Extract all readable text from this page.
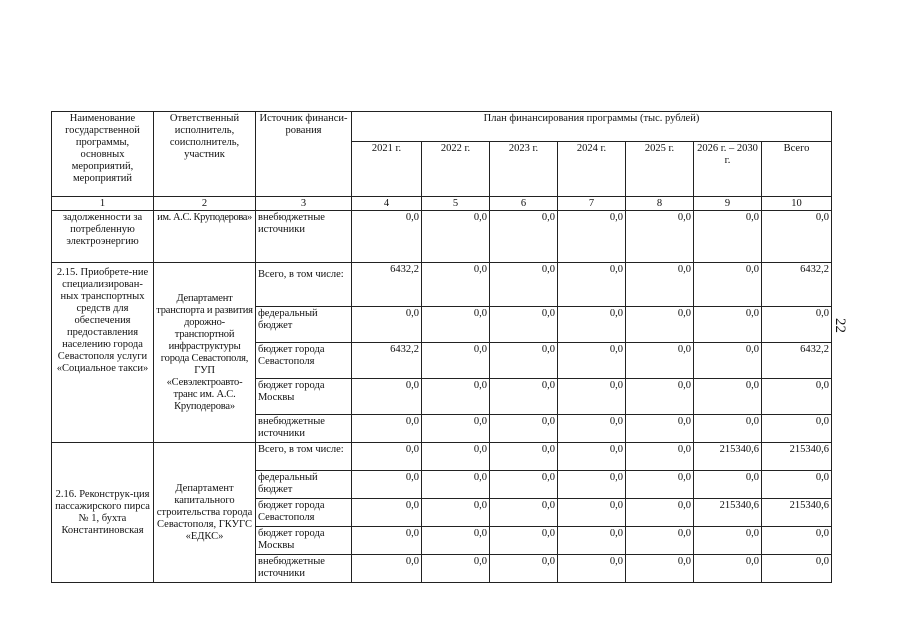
22
Наименование государственной программы, основных мероприятий, мероприятий	Ответственный исполнитель, соисполнитель, участник	Источник финанси-рования	План финансирования программы (тыс. рублей)						
			2021 г.	2022 г.	2023 г.	2024 г.	2025 г.	2026 г. – 2030 г.	Всего
1	2	3	4	5	6	7	8	9	10
задолженности за потребленную электроэнергию	им. А.С. Круподерова»	внебюджетные источники	0,0	0,0	0,0	0,0	0,0	0,0	0,0
2.15. Приобрете-ние специализирован-ных транспортных средств для обеспечения предоставления населению города Севастополя услуги «Социальное такси»	Департамент транспорта и развития дорожно-транспортной инфраструктуры города Севастополя, ГУП «Севэлектроавто-транс им. А.С. Круподерова»	Всего, в том числе:	6432,2	0,0	0,0	0,0	0,0	0,0	6432,2
		федеральный бюджет	0,0	0,0	0,0	0,0	0,0	0,0	0,0
		бюджет города Севастополя	6432,2	0,0	0,0	0,0	0,0	0,0	6432,2
		бюджет города Москвы	0,0	0,0	0,0	0,0	0,0	0,0	0,0
		внебюджетные источники	0,0	0,0	0,0	0,0	0,0	0,0	0,0
2.16. Реконструк-ция пассажирского пирса № 1, бухта Константиновская	Департамент капитального строительства города Севастополя, ГКУГС «ЕДКС»	Всего, в том числе:	0,0	0,0	0,0	0,0	0,0	215340,6	215340,6
		федеральный бюджет	0,0	0,0	0,0	0,0	0,0	0,0	0,0
		бюджет города Севастополя	0,0	0,0	0,0	0,0	0,0	215340,6	215340,6
		бюджет города Москвы	0,0	0,0	0,0	0,0	0,0	0,0	0,0
		внебюджетные источники	0,0	0,0	0,0	0,0	0,0	0,0	0,0
